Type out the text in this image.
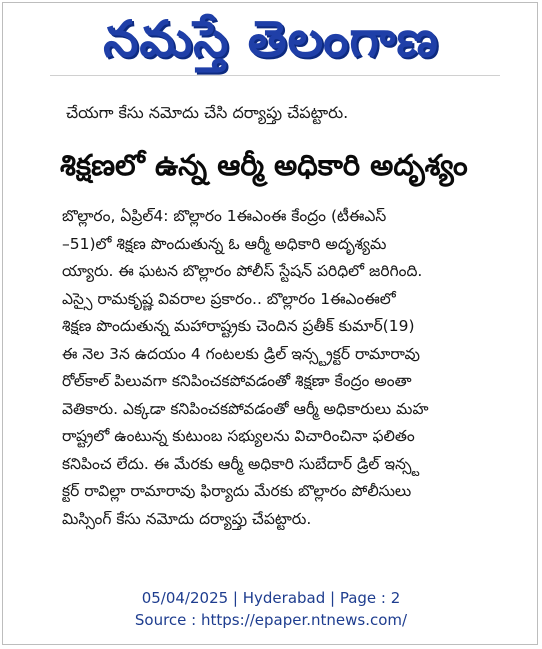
నమస్తే తెలంగాణ
చేయగా కేసు నమోదు చేసి దర్యాప్తు చేపట్టారు.
శిక్షణలో ఉన్న ఆర్మీ అధికారి అదృశ్యం
బొల్లారం, ఏప్రిల్4: బొల్లారం 1ఈఎంఈ కేంద్రం (టీఈఎస్
–51)లో శిక్షణ పొందుతున్న ఓ ఆర్మీ అధికారి అదృశ్యమ
య్యారు. ఈ ఘటన బొల్లారం పోలీస్ స్టేషన్ పరిధిలో జరిగింది.
ఎస్సై రామకృష్ణ వివరాల ప్రకారం.. బొల్లారం 1ఈఎంఈలో
శిక్షణ పొందుతున్న మహారాష్ట్రకు చెందిన ప్రతీక్ కుమార్(19)
ఈ నెల 3న ఉదయం 4 గంటలకు డ్రిల్ ఇన్స్ట్రక్టర్ రామారావు
రోల్‌కాల్ పిలువగా కనిపించకపోవడంతో శిక్షణా కేంద్రం అంతా
వెతికారు. ఎక్కడా కనిపించకపోవడంతో ఆర్మీ అధికారులు మహ
రాష్ట్రలో ఉంటున్న కుటుంబ సభ్యులను విచారించినా ఫలితం
కనిపించ లేదు. ఈ మేరకు ఆర్మీ అధికారి సుబేదార్ డ్రిల్ ఇన్స్ట
క్టర్ రావిల్లా రామారావు ఫిర్యాదు మేరకు బొల్లారం పోలీసులు
మిస్సింగ్ కేసు నమోదు దర్యాప్తు చేపట్టారు.

05/04/2025 | Hyderabad | Page : 2
Source : https://epaper.ntnews.com/
